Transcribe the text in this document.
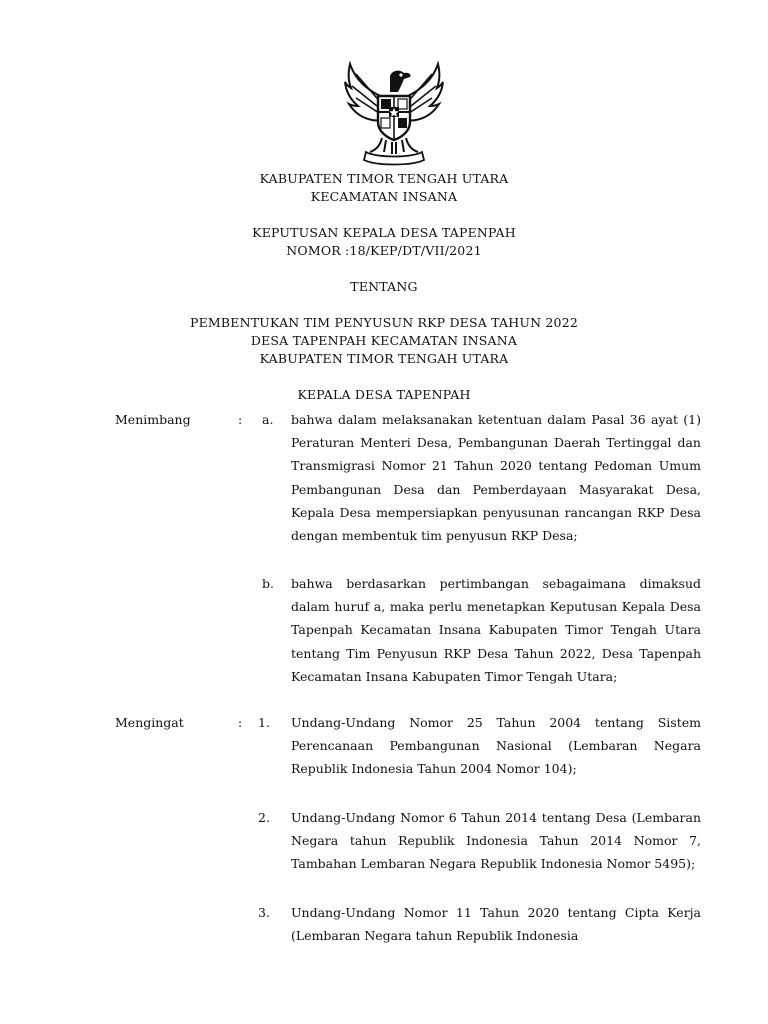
KABUPATEN TIMOR TENGAH UTARA
KECAMATAN INSANA
KEPUTUSAN KEPALA DESA TAPENPAH
NOMOR :18/KEP/DT/VII/2021
TENTANG
PEMBENTUKAN TIM PENYUSUN RKP DESA TAHUN 2022
DESA TAPENPAH KECAMATAN INSANA
KABUPATEN TIMOR TENGAH UTARA
KEPALA DESA TAPENPAH
Menimbang	: a. bahwa dalam melaksanakan ketentuan dalam Pasal 36 ayat (1) Peraturan Menteri Desa, Pembangunan Daerah Tertinggal dan Transmigrasi Nomor 21 Tahun 2020 tentang Pedoman Umum Pembangunan Desa dan Pemberdayaan Masyarakat Desa, Kepala Desa mempersiapkan penyusunan rancangan RKP Desa dengan membentuk tim penyusun RKP Desa;
b. bahwa berdasarkan pertimbangan sebagaimana dimaksud dalam huruf a, maka perlu menetapkan Keputusan Kepala Desa Tapenpah Kecamatan Insana Kabupaten Timor Tengah Utara tentang Tim Penyusun RKP Desa Tahun 2022, Desa Tapenpah Kecamatan Insana Kabupaten Timor Tengah Utara;
Mengingat	: 1. Undang-Undang Nomor 25 Tahun 2004 tentang Sistem Perencanaan Pembangunan Nasional (Lembaran Negara Republik Indonesia Tahun 2004 Nomor 104);
2. Undang-Undang Nomor 6 Tahun 2014 tentang Desa (Lembaran Negara tahun Republik Indonesia Tahun 2014 Nomor 7, Tambahan Lembaran Negara Republik Indonesia Nomor 5495);
3. Undang-Undang Nomor 11 Tahun 2020 tentang Cipta Kerja (Lembaran Negara tahun Republik Indonesia
